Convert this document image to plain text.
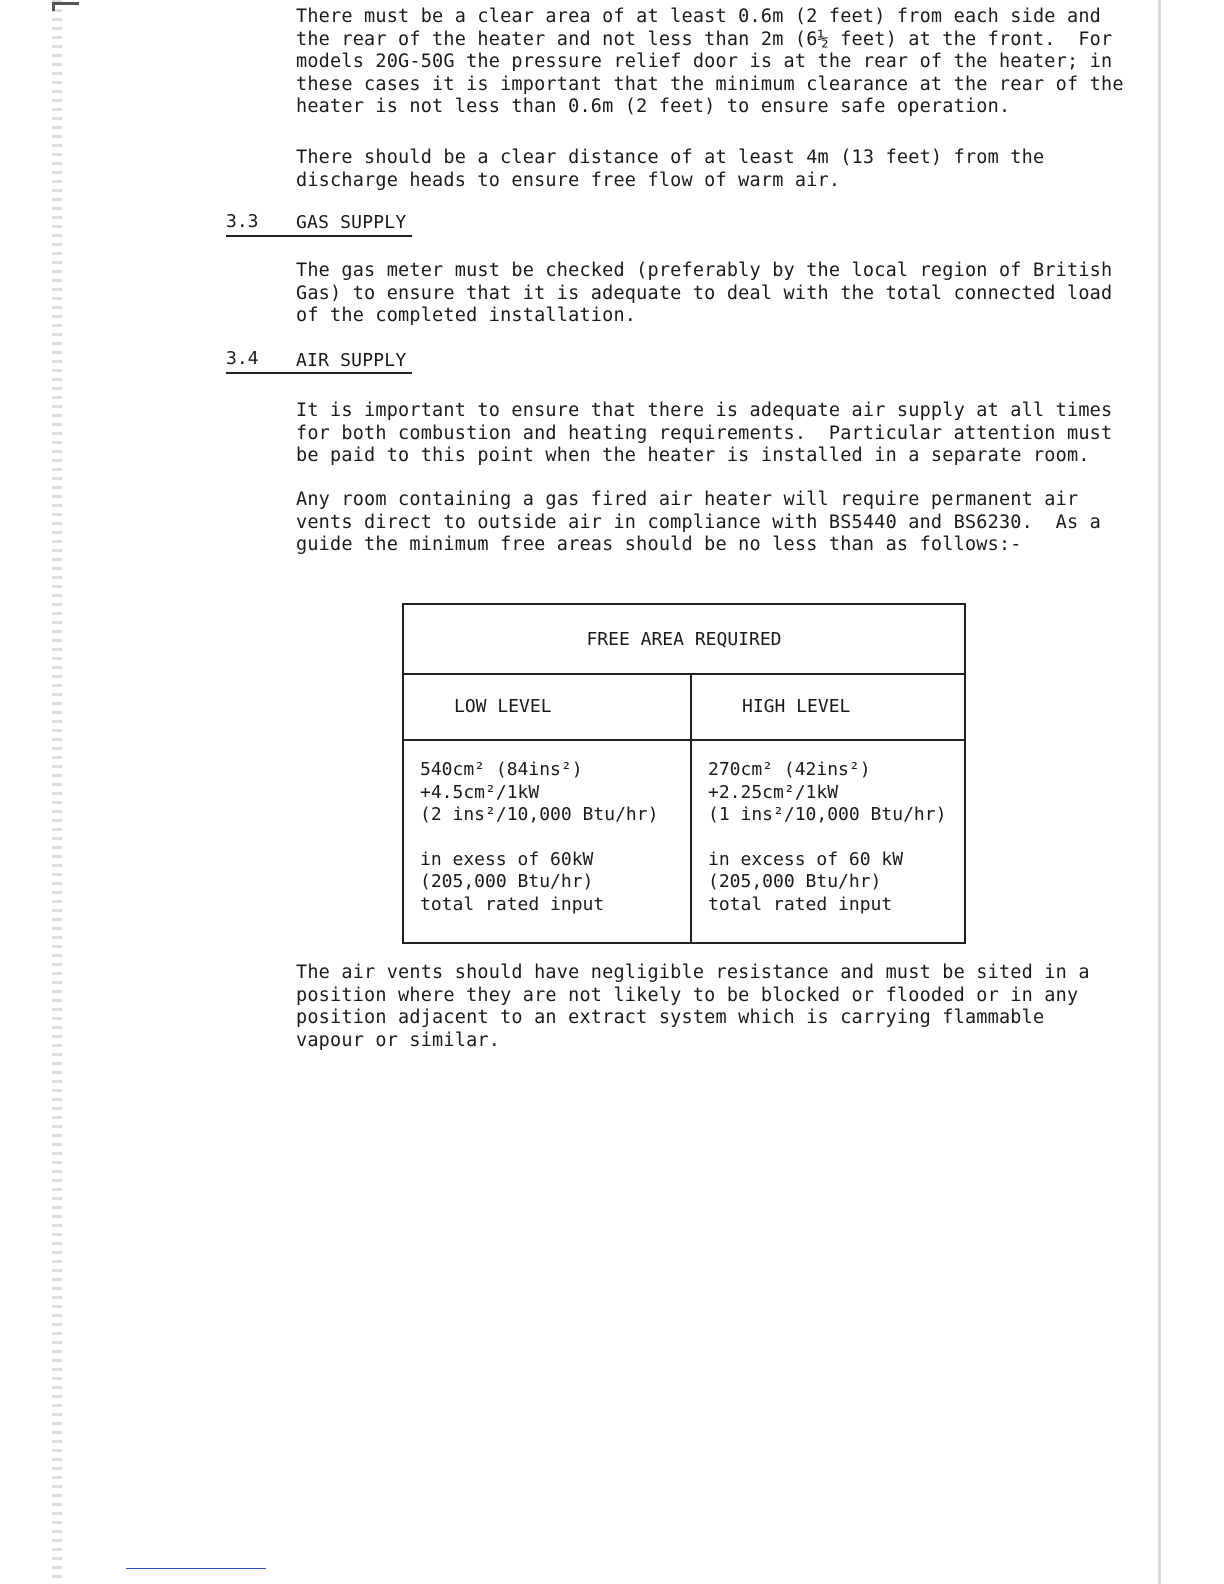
There must be a clear area of at least 0.6m (2 feet) from each side and
the rear of the heater and not less than 2m (6½ feet) at the front.  For
models 20G-50G the pressure relief door is at the rear of the heater; in
these cases it is important that the minimum clearance at the rear of the
heater is not less than 0.6m (2 feet) to ensure safe operation.

There should be a clear distance of at least 4m (13 feet) from the
discharge heads to ensure free flow of warm air.

3.3 GAS SUPPLY

The gas meter must be checked (preferably by the local region of British
Gas) to ensure that it is adequate to deal with the total connected load
of the completed installation.

3.4 AIR SUPPLY

It is important to ensure that there is adequate air supply at all times
for both combustion and heating requirements.  Particular attention must
be paid to this point when the heater is installed in a separate room.

Any room containing a gas fired air heater will require permanent air
vents direct to outside air in compliance with BS5440 and BS6230.  As a
guide the minimum free areas should be no less than as follows:-

FREE AREA REQUIRED
LOW LEVEL
540cm² (84ins²)
+4.5cm²/1kW
(2 ins²/10,000 Btu/hr)
in exess of 60kW
(205,000 Btu/hr)
total rated input
HIGH LEVEL
270cm² (42ins²)
+2.25cm²/1kW
(1 ins²/10,000 Btu/hr)
in excess of 60 kW
(205,000 Btu/hr)
total rated input

The air vents should have negligible resistance and must be sited in a
position where they are not likely to be blocked or flooded or in any
position adjacent to an extract system which is carrying flammable
vapour or similar.
